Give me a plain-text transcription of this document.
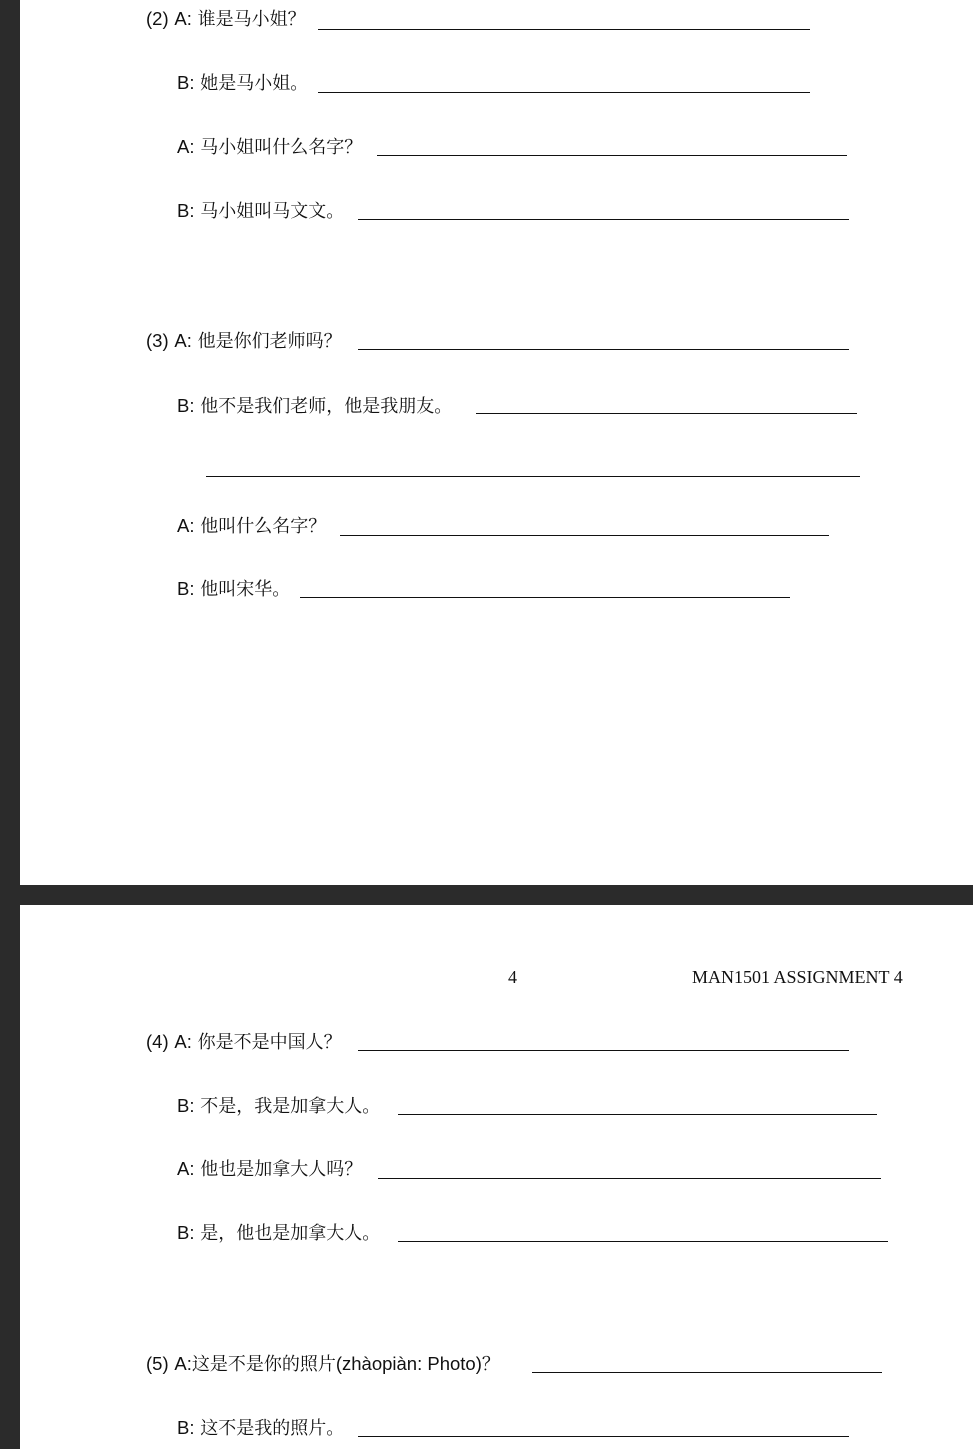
(2) A: 谁是马小姐？
B: 她是马小姐。
A: 马小姐叫什么名字？
B: 马小姐叫马文文。
(3) A: 他是你们老师吗？
B: 他不是我们老师，他是我朋友。
A: 他叫什么名字？
B: 他叫宋华。
4	MAN1501 ASSIGNMENT 4
(4) A: 你是不是中国人？
B: 不是，我是加拿大人。
A: 他也是加拿大人吗？
B: 是，他也是加拿大人。
(5) A:这是不是你的照片(zhàopiàn: Photo)？
B: 这不是我的照片。
